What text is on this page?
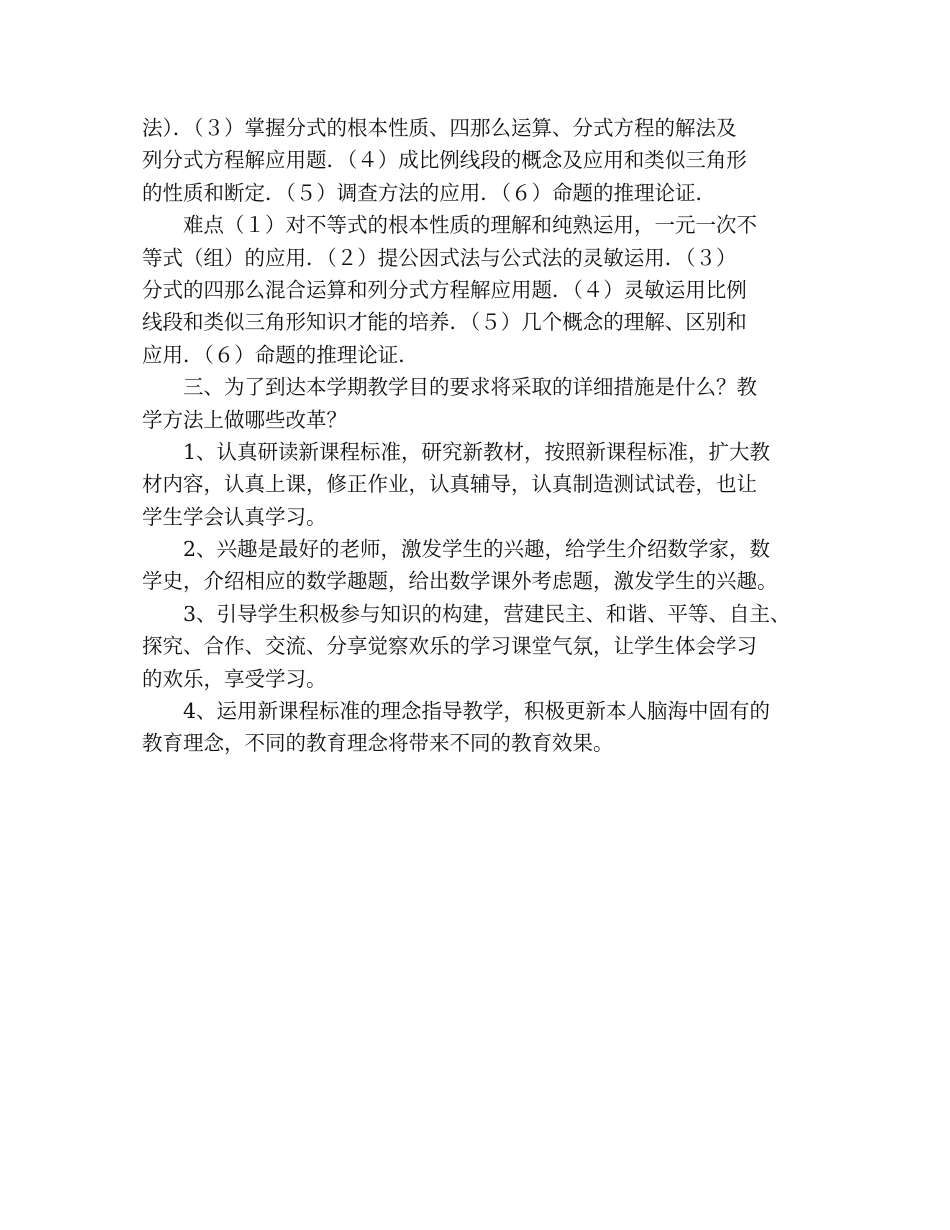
法）．（３）掌握分式的根本性质、四那么运算、分式方程的解法及
列分式方程解应用题．（４）成比例线段的概念及应用和类似三角形
的性质和断定．（５）调查方法的应用．（６）命题的推理论证．
　　难点（１）对不等式的根本性质的理解和纯熟运用，一元一次不
等式（组）的应用．（２）提公因式法与公式法的灵敏运用．（３）
分式的四那么混合运算和列分式方程解应用题．（４）灵敏运用比例
线段和类似三角形知识才能的培养．（５）几个概念的理解、区别和
应用．（６）命题的推理论证．
　　三、为了到达本学期教学目的要求将采取的详细措施是什么？教
学方法上做哪些改革？
　　1、认真研读新课程标准，研究新教材，按照新课程标准，扩大教
材内容，认真上课，修正作业，认真辅导，认真制造测试试卷，也让
学生学会认真学习。
　　2、兴趣是最好的老师，激发学生的兴趣，给学生介绍数学家，数
学史，介绍相应的数学趣题，给出数学课外考虑题，激发学生的兴趣。
　　3、引导学生积极参与知识的构建，营建民主、和谐、平等、自主、
探究、合作、交流、分享觉察欢乐的学习课堂气氛，让学生体会学习
的欢乐，享受学习。
　　4、运用新课程标准的理念指导教学，积极更新本人脑海中固有的
教育理念，不同的教育理念将带来不同的教育效果。
